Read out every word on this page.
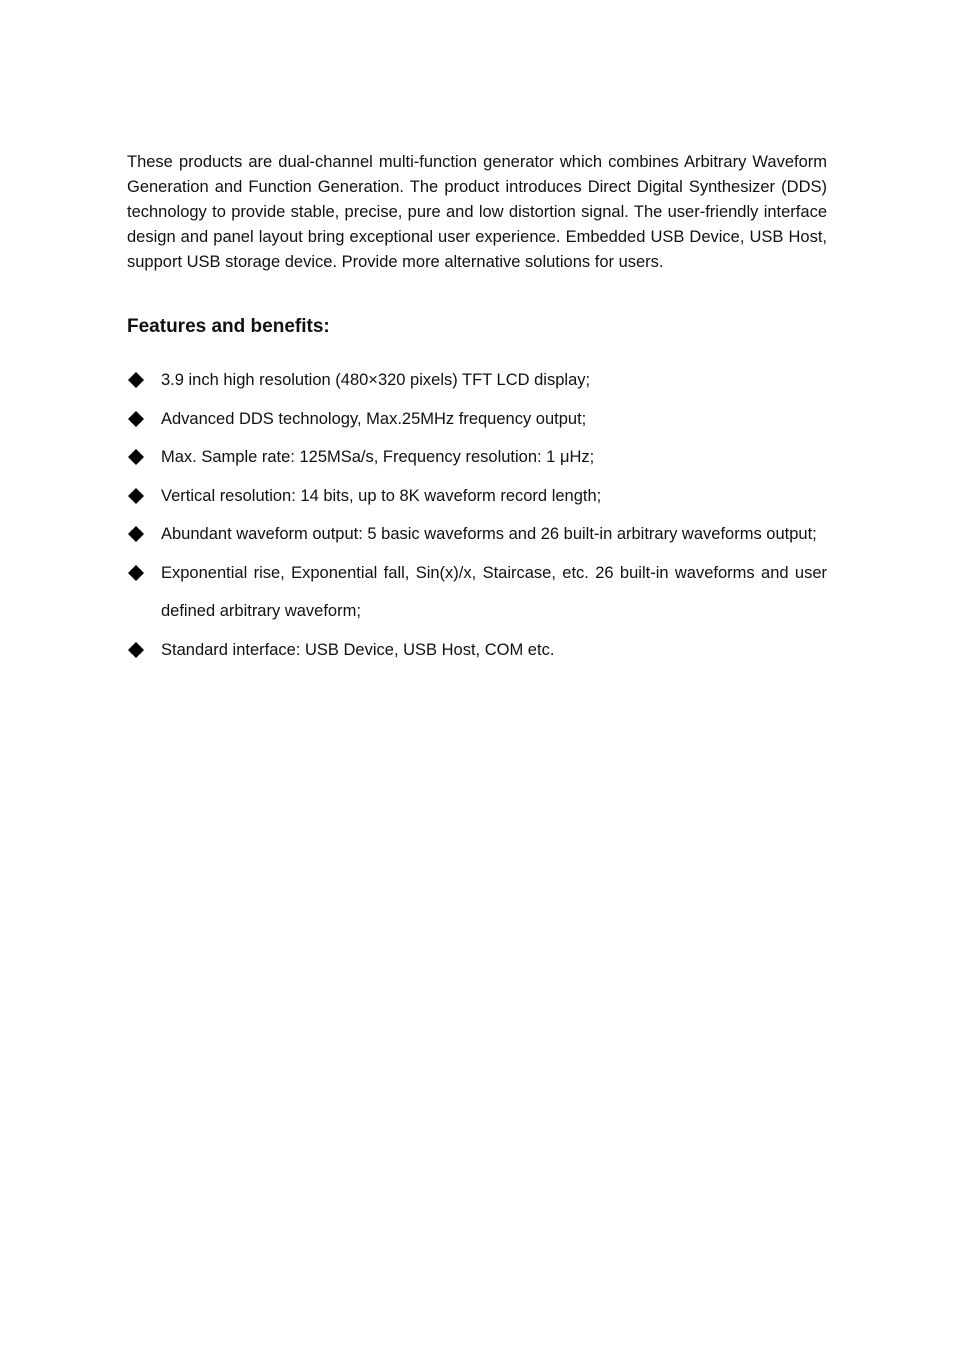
These products are dual-channel multi-function generator which combines Arbitrary Waveform Generation and Function Generation. The product introduces Direct Digital Synthesizer (DDS) technology to provide stable, precise, pure and low distortion signal. The user-friendly interface design and panel layout bring exceptional user experience. Embedded USB Device, USB Host, support USB storage device. Provide more alternative solutions for users.

Features and benefits:
3.9 inch high resolution (480×320 pixels) TFT LCD display;
Advanced DDS technology, Max.25MHz frequency output;
Max. Sample rate: 125MSa/s, Frequency resolution: 1 μHz;
Vertical resolution: 14 bits, up to 8K waveform record length;
Abundant waveform output: 5 basic waveforms and 26 built-in arbitrary waveforms output;
Exponential rise, Exponential fall, Sin(x)/x, Staircase, etc. 26 built-in waveforms and user defined arbitrary waveform;
Standard interface: USB Device, USB Host, COM etc.
